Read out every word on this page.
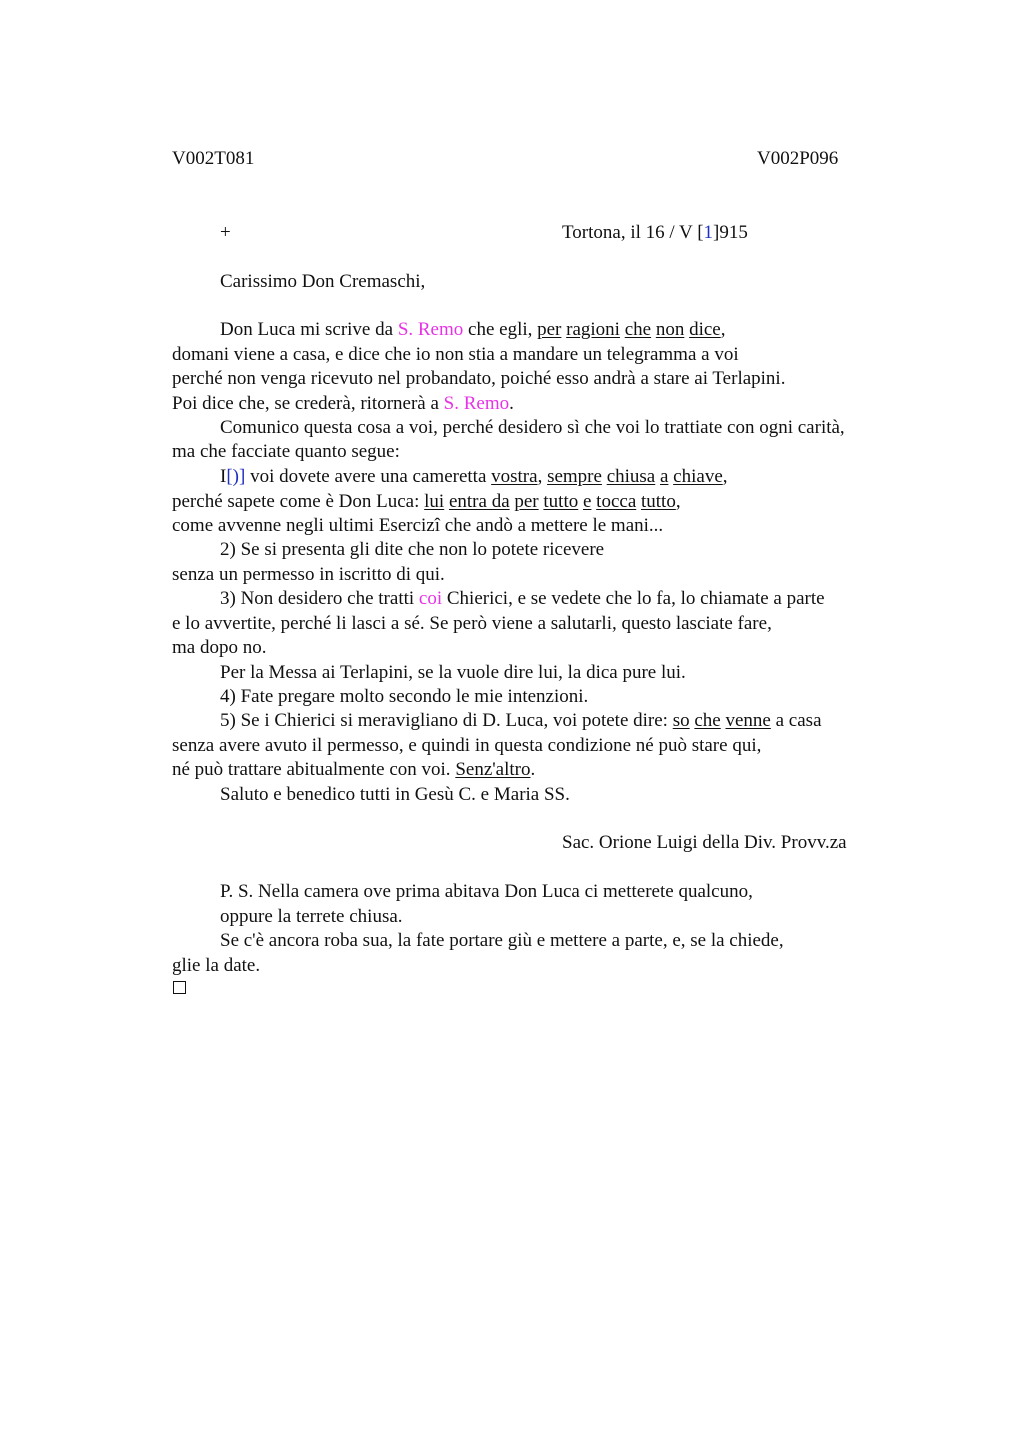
V002T081	V002P096
+	Tortona, il 16 / V [1]915
Carissimo Don Cremaschi,
Don Luca mi scrive da S. Remo che egli, per ragioni che non dice,
domani viene a casa, e dice che io non stia a mandare un telegramma a voi
perché non venga ricevuto nel probandato, poiché esso andrà a stare ai Terlapini.
Poi dice che, se crederà, ritornerà a S. Remo.
Comunico questa cosa a voi, perché desidero sì che voi lo trattiate con ogni carità,
ma che facciate quanto segue:
I[)] voi dovete avere una cameretta vostra, sempre chiusa a chiave,
perché sapete come è Don Luca: lui entra da per tutto e tocca tutto,
come avvenne negli ultimi Esercizi che andò a mettere le mani...
2) Se si presenta gli dite che non lo potete ricevere
senza un permesso in iscritto di qui.
3) Non desidero che tratti coi Chierici, e se vedete che lo fa, lo chiamate a parte
e lo avvertite, perché li lasci a sé. Se però viene a salutarli, questo lasciate fare,
ma dopo no.
Per la Messa ai Terlapini, se la vuole dire lui, la dica pure lui.
4) Fate pregare molto secondo le mie intenzioni.
5) Se i Chierici si meravigliano di D. Luca, voi potete dire: so che venne a casa
senza avere avuto il permesso, e quindi in questa condizione né può stare qui,
né può trattare abitualmente con voi. Senz'altro.
Saluto e benedico tutti in Gesù C. e Maria SS.
Sac. Orione Luigi della Div. Provv.za
P. S. Nella camera ove prima abitava Don Luca ci metterete qualcuno,
oppure la terrete chiusa.
Se c'è ancora roba sua, la fate portare giù e mettere a parte, e, se la chiede,
glie la date.
